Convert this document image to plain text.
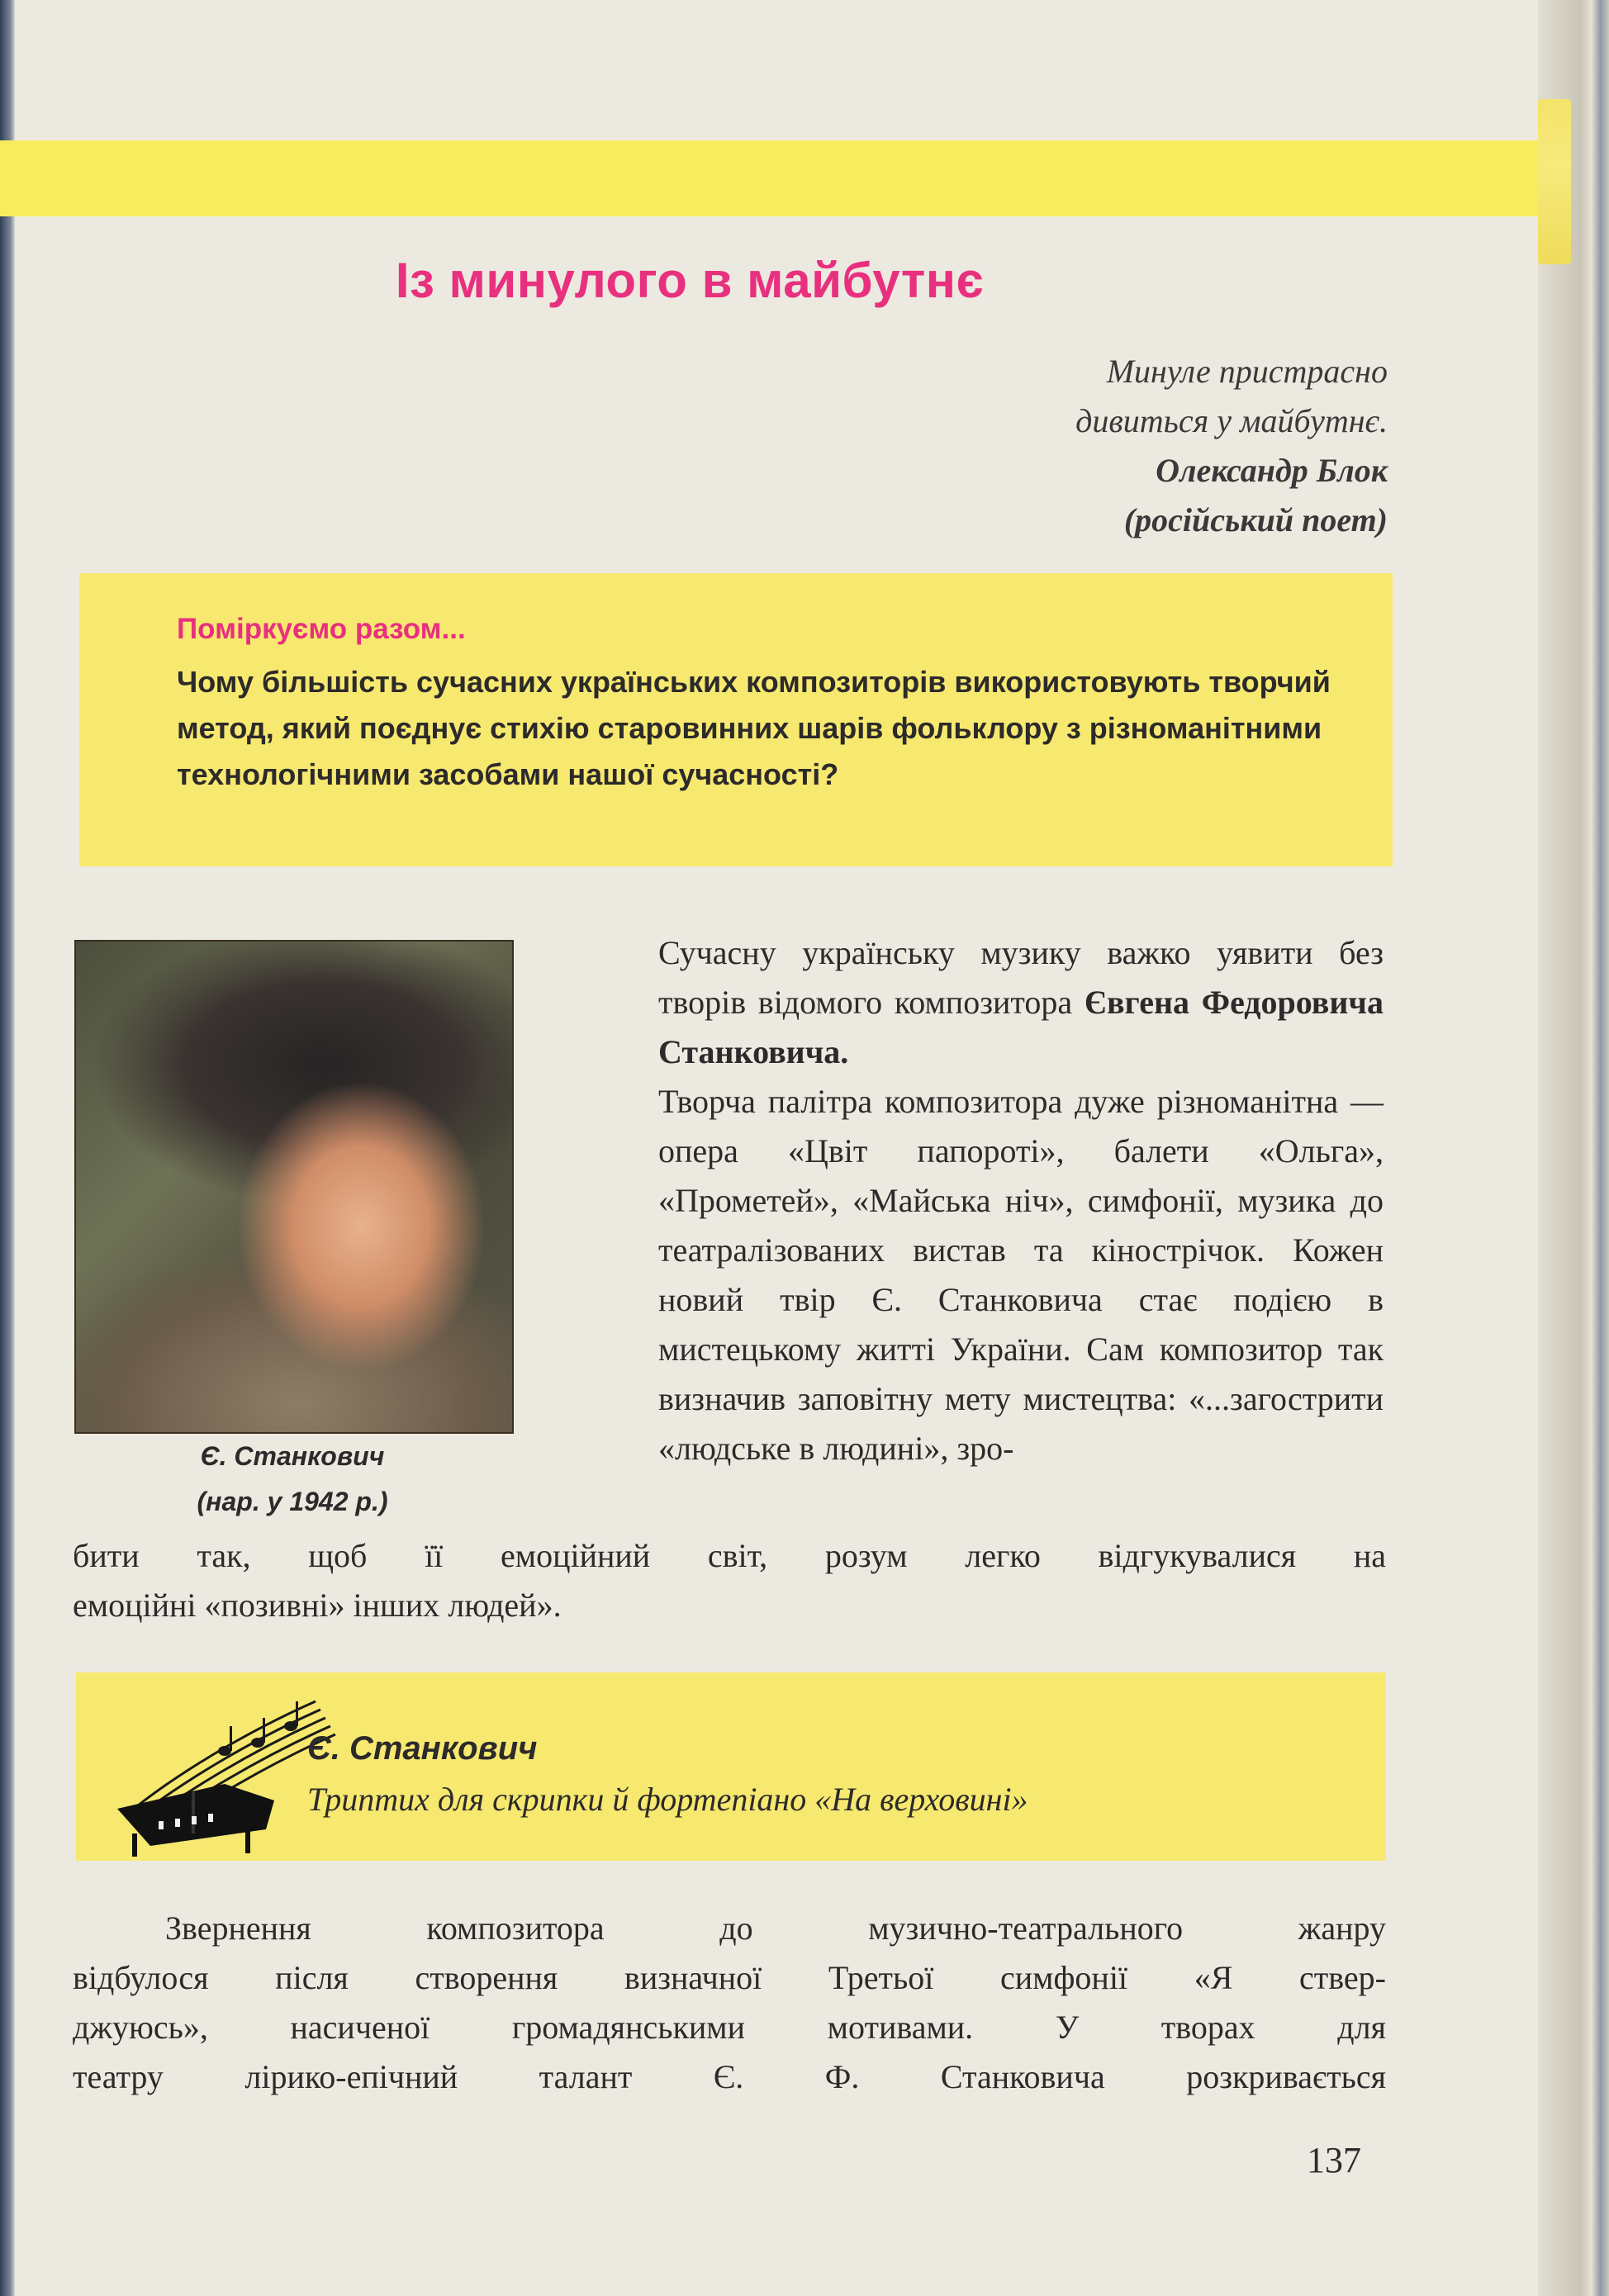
Із минулого в майбутнє
Минуле пристрасно
дивиться у майбутнє.
Олександр Блок
(російський поет)

Поміркуємо разом...

Чому більшість сучасних українських композиторів використовують творчий метод, який поєднує стихію старовинних шарів фольклору з різноманітними технологічними засобами нашої сучасності?

Є. Станкович

(нар. у 1942 р.)

Сучасну українську музику важко уявити без творів відомого композитора Євгена Федоровича Станковича.
Творча палітра композитора дуже різноманітна — опера «Цвіт папороті», балети «Ольга», «Прометей», «Майська ніч», симфонії, музика до театралізованих вистав та кінострічок. Кожен новий твір Є. Станковича стає подією в мистецькому житті України. Сам композитор так визначив заповітну мету мистецтва: «...загострити «людське в людині», зро-

бити так, щоб її емоційний світ, розум легко відгукувалися на

емоційні «позивні» інших людей».

Є. Станкович

Триптих для скрипки й фортепіано «На верховині»

Звернення композитора до музично-театрального жанру

відбулося після створення визначної Третьої симфонії «Я ствер-

джуюсь», насиченої громадянськими мотивами. У творах для

театру лірико-епічний талант Є. Ф. Станковича розкривається

137
